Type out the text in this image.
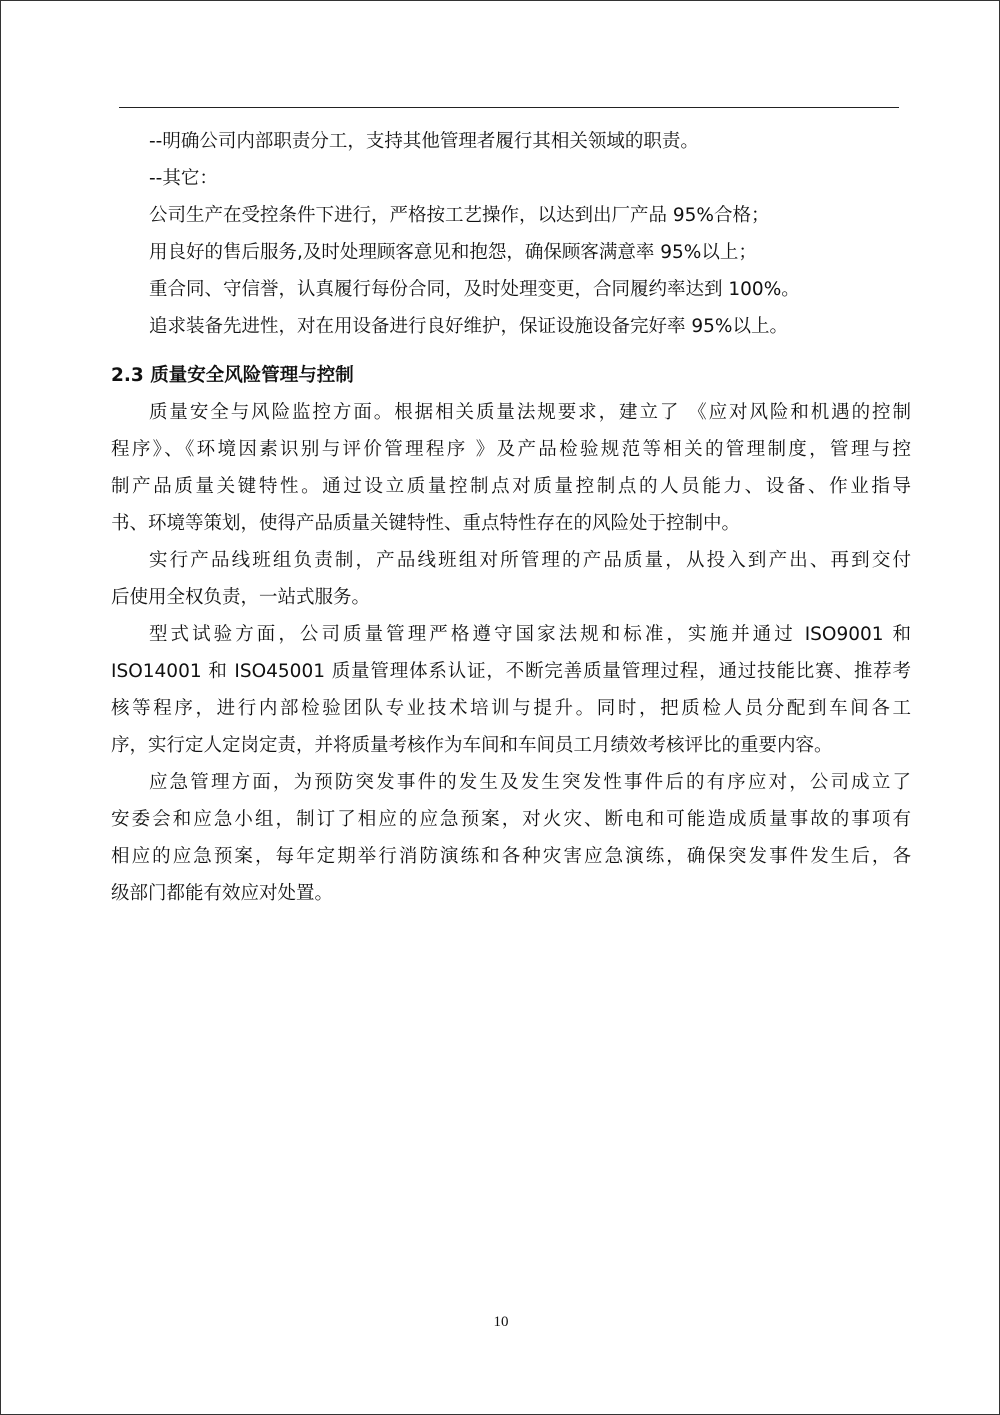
--明确公司内部职责分工，支持其他管理者履行其相关领域的职责。
--其它：
公司生产在受控条件下进行，严格按工艺操作，以达到出厂产品 95%合格；
用良好的售后服务,及时处理顾客意见和抱怨，确保顾客满意率 95%以上；
重合同、守信誉，认真履行每份合同，及时处理变更，合同履约率达到 100%。
追求装备先进性，对在用设备进行良好维护，保证设施设备完好率 95%以上。
2.3 质量安全风险管理与控制
质量安全与风险监控方面。根据相关质量法规要求，建立了 《应对风险和机遇的控制
程序》、《环境因素识别与评价管理程序 》及产品检验规范等相关的管理制度，管理与控
制产品质量关键特性。通过设立质量控制点对质量控制点的人员能力、设备、作业指导
书、环境等策划，使得产品质量关键特性、重点特性存在的风险处于控制中。
实行产品线班组负责制，产品线班组对所管理的产品质量，从投入到产出、再到交付
后使用全权负责，一站式服务。
型式试验方面，公司质量管理严格遵守国家法规和标准，实施并通过 ISO9001 和
ISO14001 和 ISO45001 质量管理体系认证，不断完善质量管理过程，通过技能比赛、推荐考
核等程序，进行内部检验团队专业技术培训与提升。同时，把质检人员分配到车间各工
序，实行定人定岗定责，并将质量考核作为车间和车间员工月绩效考核评比的重要内容。
应急管理方面，为预防突发事件的发生及发生突发性事件后的有序应对，公司成立了
安委会和应急小组，制订了相应的应急预案，对火灾、断电和可能造成质量事故的事项有
相应的应急预案，每年定期举行消防演练和各种灾害应急演练，确保突发事件发生后，各
级部门都能有效应对处置。
10
